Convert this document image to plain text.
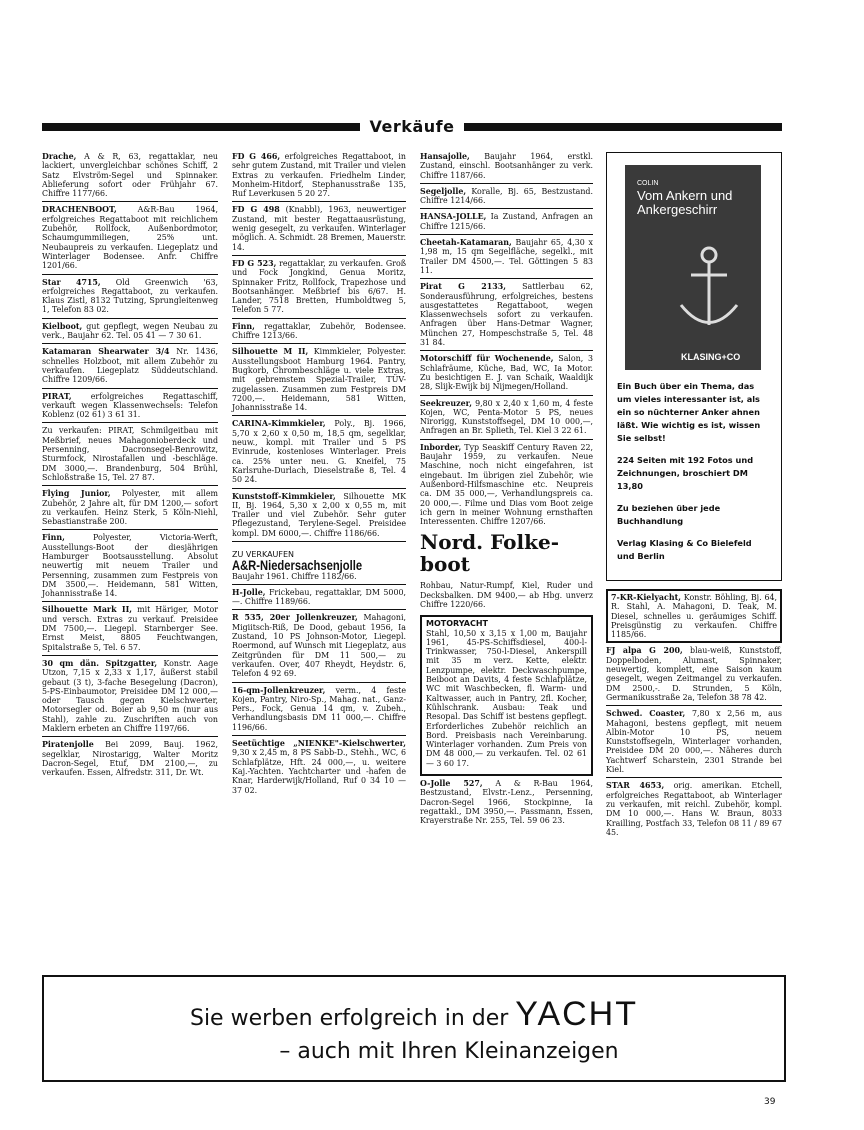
Verkäufe
Drache, A & R, 63, regattaklar, neu lackiert, unvergleichbar schönes Schiff, 2 Satz Elvström-Segel und Spinnaker. Ablieferung sofort oder Frühjahr 67. Chiffre 1177/66.
DRACHENBOOT, A&R-Bau 1964, erfolgreiches Regattaboot mit reichlichem Zubehör, Rollfock, Außenbordmotor, Schaumgummiliegen, 25% unt. Neubaupreis zu verkaufen. Liegeplatz und Winterlager Bodensee. Anfr. Chiffre 1201/66.
Star 4715, Old Greenwich '63, erfolgreiches Regattaboot, zu verkaufen. Klaus Zistl, 8132 Tutzing, Sprungleitenweg 1, Telefon 83 02.
Kielboot, gut gepflegt, wegen Neubau zu verk., Baujahr 62. Tel. 05 41 — 7 30 61.
Katamaran Shearwater 3/4 Nr. 1436, schnelles Holzboot, mit allem Zubehör zu verkaufen. Liegeplatz Süddeutschland. Chiffre 1209/66.
PIRAT, erfolgreiches Regattaschiff, verkauft wegen Klassenwechsels: Telefon Koblenz (02 61) 3 61 31.
Zu verkaufen: PIRAT, Schmilgeitbau mit Meßbrief, neues Mahagonioberdeck und Persenning, Dacronsegel-Benrowitz, Sturmfock, Nirostafallen und -beschläge. DM 3000,—. Brandenburg, 504 Brühl, Schloßstraße 15, Tel. 27 87.
Flying Junior, Polyester, mit allem Zubehör, 2 Jahre alt, für DM 1200,— sofort zu verkaufen. Heinz Sterk, 5 Köln-Niehl, Sebastianstraße 200.
Finn, Polyester, Victoria-Werft, Ausstellungs-Boot der diesjährigen Hamburger Bootsausstellung. Absolut neuwertig mit neuem Trailer und Persenning, zusammen zum Festpreis von DM 3500,—. Heidemann, 581 Witten, Johannisstraße 14.
Silhouette Mark II, mit Häriger, Motor und versch. Extras zu verkauf. Preisidee DM 7500,—. Liegepl. Starnberger See. Ernst Meist, 8805 Feuchtwangen, Spitalstraße 5, Tel. 6 57.
30 qm dän. Spitzgatter, Konstr. Aage Utzon, 7,15 x 2,33 x 1,17, äußerst stabil gebaut (3 t), 3-fache Besegelung (Dacron), 5-PS-Einbaumotor, Preisidee DM 12 000,— oder Tausch gegen Kielschwerter, Motorsegler od. Boier ab 9,50 m (nur aus Stahl), zahle zu. Zuschriften auch von Maklern erbeten an Chiffre 1197/66.
Piratenjolle Bei 2099, Bauj. 1962, segelklar, Nirostarigg, Walter Moritz Dacron-Segel, Etuf, DM 2100,—, zu verkaufen. Essen, Alfredstr. 311, Dr. Wt.
FD G 466, erfolgreiches Regattaboot, in sehr gutem Zustand, mit Trailer und vielen Extras zu verkaufen. Friedhelm Linder, Monheim-Hitdorf, Stephanusstraße 135, Ruf Leverkusen 5 20 27.
FD G 498 (Knabbl), 1963, neuwertiger Zustand, mit bester Regattaausrüstung, wenig gesegelt, zu verkaufen. Winterlager möglich. A. Schmidt. 28 Bremen, Mauerstr. 14.
FD G 523, regattaklar, zu verkaufen. Groß und Fock Jongkind, Genua Moritz, Spinnaker Fritz, Rollfock, Trapezhose und Bootsanhänger. Meßbrief bis 6/67. H. Lander, 7518 Bretten, Humboldtweg 5, Telefon 5 77.
Finn, regattaklar, Zubehör, Bodensee. Chiffre 1213/66.
Silhouette M II, Kimmkieler, Polyester. Ausstellungsboot Hamburg 1964. Pantry, Bugkorb, Chrombeschläge u. viele Extras, mit gebremstem Spezial-Trailer, TÜV-zugelassen. Zusammen zum Festpreis DM 7200,—. Heidemann, 581 Witten, Johannisstraße 14.
CARINA-Kimmkieler, Poly., Bj. 1966, 5,70 x 2,60 x 0,50 m, 18,5 qm, segelklar, neuw., kompl. mit Trailer und 5 PS Evinrude, kostenloses Winterlager. Preis ca. 25% unter neu. G. Kneifel, 75 Karlsruhe-Durlach, Dieselstraße 8, Tel. 4 50 24.
Kunststoff-Kimmkieler, Silhouette MK II, Bj. 1964, 5,30 x 2,00 x 0,55 m, mit Trailer und viel Zubehör. Sehr guter Pflegezustand, Terylene-Segel. Preisidee kompl. DM 6000,—. Chiffre 1186/66.
ZU VERKAUFEN
A&R-Niedersachsenjolle
Baujahr 1961. Chiffre 1182/66.
H-Jolle, Frickebau, regattaklar, DM 5000,—. Chiffre 1189/66.
R 535, 20er Jollenkreuzer, Mahagoni, Migiitsch-Riß, De Dood, gebaut 1956, Ia Zustand, 10 PS Johnson-Motor, Liegepl. Roermond, auf Wunsch mit Liegeplatz, aus Zeitgründen für DM 11 500,— zu verkaufen. Over, 407 Rheydt, Heydstr. 6, Telefon 4 92 69.
16-qm-Jollenkreuzer, verm., 4 feste Kojen, Pantry, Niro-Sp., Mahag. nat., Ganz-Pers., Fock, Genua 14 qm, v. Zubeh., Verhandlungsbasis DM 11 000,—. Chiffre 1196/66.
Seetüchtige „NIENKE"-Kielschwerter, 9,30 x 2,45 m, 8 PS Sabb-D., Stehh., WC, 6 Schlafplätze, Hft. 24 000,—, u. weitere Kaj.-Yachten. Yachtcharter und -hafen de Knar, Harderwijk/Holland, Ruf 0 34 10 — 37 02.
Hansajolle, Baujahr 1964, erstkl. Zustand, einschl. Bootsanhänger zu verk. Chiffre 1187/66.
Segeljolle, Koralle, Bj. 65, Bestzustand. Chiffre 1214/66.
HANSA-JOLLE, Ia Zustand, Anfragen an Chiffre 1215/66.
Cheetah-Katamaran, Baujahr 65, 4,30 x 1,98 m, 15 qm Segelfläche, segelkl., mit Trailer DM 4500,—. Tel. Göttingen 5 83 11.
Pirat G 2133, Sattlerbau 62, Sonderausführung, erfolgreiches, bestens ausgestattetes Regattaboot, wegen Klassenwechsels sofort zu verkaufen. Anfragen über Hans-Detmar Wagner, München 27, Hompeschstraße 5, Tel. 48 31 84.
Motorschiff für Wochenende, Salon, 3 Schlafräume, Küche, Bad, WC, Ia Motor. Zu besichtigen E. J. van Schaik, Waaldijk 28, Slijk-Ewijk bij Nijmegen/Holland.
Seekreuzer, 9,80 x 2,40 x 1,60 m, 4 feste Kojen, WC, Penta-Motor 5 PS, neues Nirorigg, Kunststoffsegel, DM 10 000,—, Anfragen an Br. Splieth, Tel. Kiel 3 22 61.
Inborder, Typ Seaskiff Century Raven 22, Baujahr 1959, zu verkaufen. Neue Maschine, noch nicht eingefahren, ist eingebaut. Im übrigen ziel Zubehör, wie Außenbord-Hilfsmaschine etc. Neupreis ca. DM 35 000,—, Verhandlungspreis ca. 20 000,—. Filme und Dias vom Boot zeige ich gern in meiner Wohnung ernsthaften Interessenten. Chiffre 1207/66.
Nord. Folke-boot
Rohbau, Natur-Rumpf, Kiel, Ruder und Decksbalken. DM 9400,— ab Hbg. unverz Chiffre 1220/66.
MOTORYACHT
Stahl, 10,50 x 3,15 x 1,00 m, Baujahr 1961, 45-PS-Schiffsdiesel, 400-l-Trinkwasser, 750-l-Diesel, Ankerspill mit 35 m verz. Kette, elektr. Lenzpumpe, elektr. Deckwaschpumpe, Beiboot an Davits, 4 feste Schlafplätze, WC mit Waschbecken, fl. Warm- und Kaltwasser, auch in Pantry, 2fl. Kocher, Kühlschrank. Ausbau: Teak und Resopal. Das Schiff ist bestens gepflegt. Erforderliches Zubehör reichlich an Bord. Preisbasis nach Vereinbarung. Winterlager vorhanden. Zum Preis von DM 48 000,— zu verkaufen. Tel. 02 61 — 3 60 17.
O-Jolle 527, A & R-Bau 1964, Bestzustand, Elvstr.-Lenz., Persenning, Dacron-Segel 1966, Stockpinne, Ia regattakl., DM 3950,—. Passmann, Essen, Krayerstraße Nr. 255, Tel. 59 06 23.
COLIN
Vom Ankern und Ankergeschirr
KLASING+CO

Ein Buch über ein Thema, das um vieles interessanter ist, als ein so nüchterner Anker ahnen läßt. Wie wichtig es ist, wissen Sie selbst!

224 Seiten mit 192 Fotos und Zeichnungen, broschiert DM 13,80

Zu beziehen über jede Buchhandlung

Verlag Klasing & Co Bielefeld und Berlin

7-KR-Kielyacht, Konstr. Böhling, Bj. 64, R. Stahl, A. Mahagoni, D. Teak, M. Diesel, schnelles u. geräumiges Schiff. Preisgünstig zu verkaufen. Chiffre 1185/66.
FJ alpa G 200, blau-weiß, Kunststoff, Doppelboden, Alumast, Spinnaker, neuwertig, komplett, eine Saison kaum gesegelt, wegen Zeitmangel zu verkaufen. DM 2500,-. D. Strunden, 5 Köln, Germanikusstraße 2a, Telefon 38 78 42.
Schwed. Coaster, 7,80 x 2,56 m, aus Mahagoni, bestens gepflegt, mit neuem Albin-Motor 10 PS, neuem Kunststoffsegeln, Winterlager vorhanden, Preisidee DM 20 000,—. Näheres durch Yachtwerf Scharstein, 2301 Strande bei Kiel.
STAR 4653, orig. amerikan. Etchell, erfolgreiches Regattaboot, ab Winterlager zu verkaufen, mit reichl. Zubehör, kompl. DM 10 000,—. Hans W. Braun, 8033 Krailling, Postfach 33, Telefon 08 11 / 89 67 45.
Sie werben erfolgreich in der YACHT
– auch mit Ihren Kleinanzeigen
39
